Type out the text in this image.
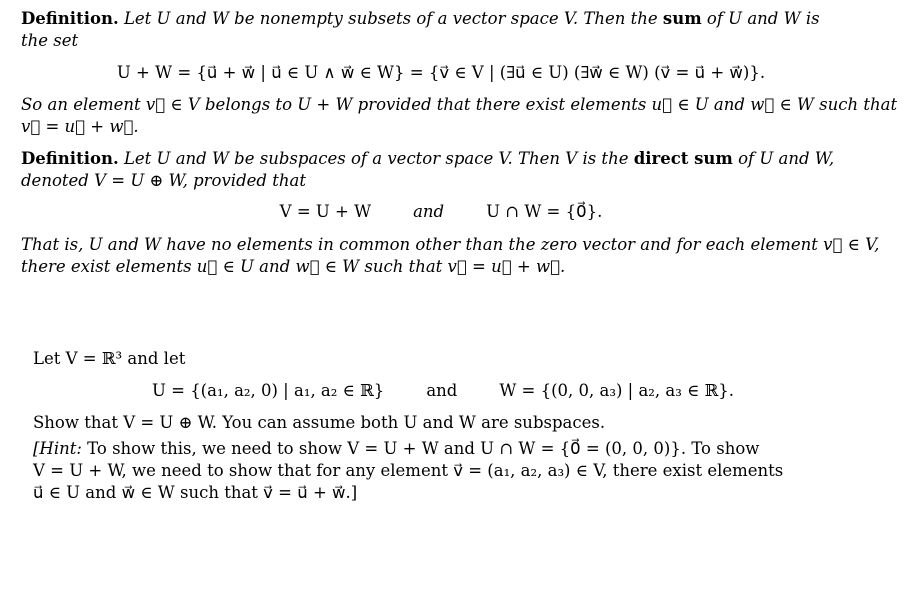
Definition. Let U and W be nonempty subsets of a vector space V. Then the sum of U and W is
the set
U + W = {u⃗ + w⃗ | u⃗ ∈ U ∧ w⃗ ∈ W} = {v⃗ ∈ V | (∃u⃗ ∈ U) (∃w⃗ ∈ W) (v⃗ = u⃗ + w⃗)}.
So an element v⃗ ∈ V belongs to U + W provided that there exist elements u⃗ ∈ U and w⃗ ∈ W such that
v⃗ = u⃗ + w⃗.
Definition. Let U and W be subspaces of a vector space V. Then V is the direct sum of U and W,
denoted V = U ⊕ W, provided that
V = U + W	and	U ∩ W = {0⃗}.
That is, U and W have no elements in common other than the zero vector and for each element v⃗ ∈ V,
there exist elements u⃗ ∈ U and w⃗ ∈ W such that v⃗ = u⃗ + w⃗.
Let V = ℝ³ and let
U = {(a₁, a₂, 0) | a₁, a₂ ∈ ℝ}	and	W = {(0, 0, a₃) | a₂, a₃ ∈ ℝ}.
Show that V = U ⊕ W. You can assume both U and W are subspaces.
[Hint: To show this, we need to show V = U + W and U ∩ W = {0⃗ = (0, 0, 0)}. To show
V = U + W, we need to show that for any element v⃗ = (a₁, a₂, a₃) ∈ V, there exist elements
u⃗ ∈ U and w⃗ ∈ W such that v⃗ = u⃗ + w⃗.]
